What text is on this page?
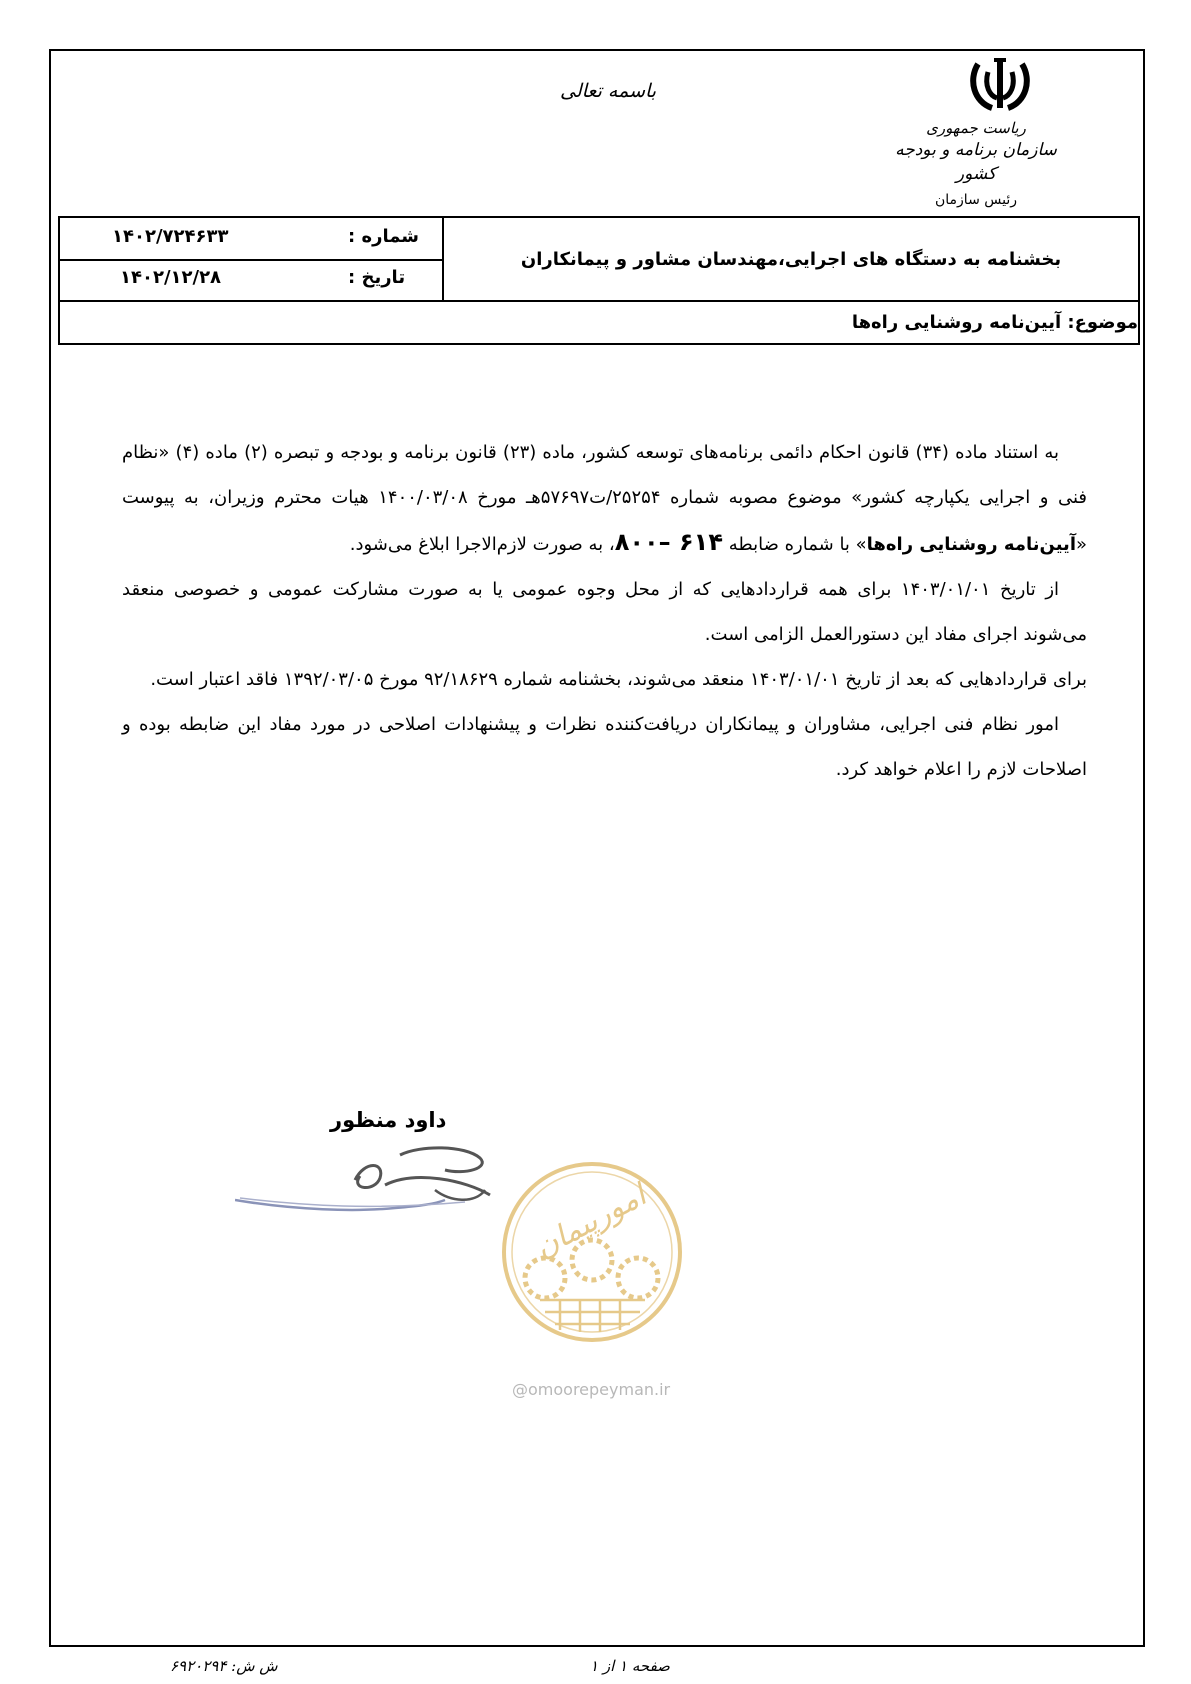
باسمه تعالی
ریاست جمهوری
سازمان برنامه و بودجه کشور
رئیس سازمان
شماره :
۱۴۰۲/۷۲۴۶۳۳
تاریخ :
۱۴۰۲/۱۲/۲۸
بخشنامه به دستگاه های اجرایی،مهندسان مشاور و پیمانکاران
موضوع: آیین‌نامه روشنایی راه‌ها

به استناد ماده (۳۴) قانون احکام دائمی برنامه‌های توسعه کشور، ماده (۲۳) قانون برنامه و بودجه و تبصره (۲) ماده (۴) «نظام فنی و اجرایی یکپارچه کشور» موضوع مصوبه شماره ۲۵۲۵۴/ت۵۷۶۹۷هـ مورخ ۱۴۰۰/۰۳/۰۸ هیات محترم وزیران، به پیوست «آیین‌نامه روشنایی راه‌ها» با شماره ضابطه ۶۱۴ –۸۰۰، به صورت لازم‌الاجرا ابلاغ می‌شود.

از تاریخ ۱۴۰۳/۰۱/۰۱ برای همه قراردادهایی که از محل وجوه عمومی یا به صورت مشارکت عمومی و خصوصی منعقد می‌شوند اجرای مفاد این دستورالعمل الزامی است.

برای قراردادهایی که بعد از تاریخ ۱۴۰۳/۰۱/۰۱ منعقد می‌شوند، بخشنامه شماره ۹۲/۱۸۶۲۹ مورخ ۱۳۹۲/۰۳/۰۵ فاقد اعتبار است.

امور نظام فنی اجرایی، مشاوران و پیمانکاران دریافت‌کننده نظرات و پیشنهادات اصلاحی در مورد مفاد این ضابطه بوده و اصلاحات لازم را اعلام خواهد کرد.

داود منظور
امورپیمان
@omoorepeyman.ir
ش ش: ۶۹۲۰۲۹۴	صفحه ۱ از ۱
